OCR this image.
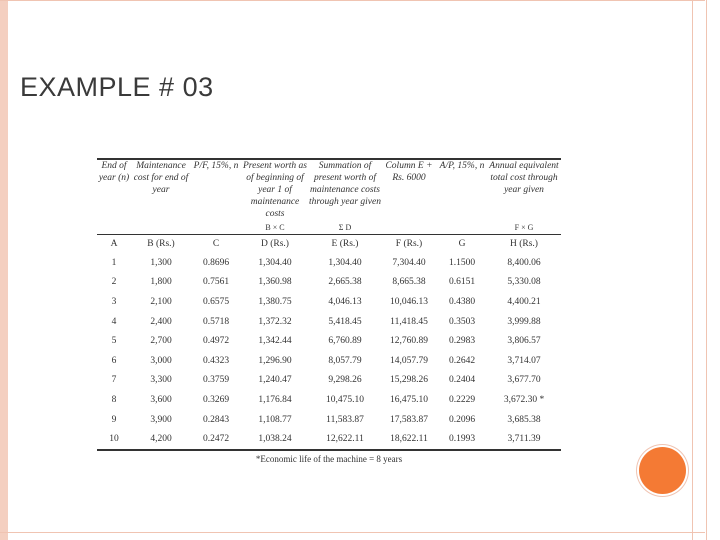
EXAMPLE # 03
End of year (n)	Maintenance cost for end of year	P/F, 15%, n	Present worth as of beginning of year 1 of maintenance costs	Summation of present worth of maintenance costs through year given	Column E + Rs. 6000	A/P, 15%, n	Annual equivalent total cost through year given
			B × C	Σ D			F × G

A	B (Rs.)	C	D (Rs.)	E (Rs.)	F (Rs.)	G	H (Rs.)
1	1,300	0.8696	1,304.40	1,304.40	7,304.40	1.1500	8,400.06
2	1,800	0.7561	1,360.98	2,665.38	8,665.38	0.6151	5,330.08
3	2,100	0.6575	1,380.75	4,046.13	10,046.13	0.4380	4,400.21
4	2,400	0.5718	1,372.32	5,418.45	11,418.45	0.3503	3,999.88
5	2,700	0.4972	1,342.44	6,760.89	12,760.89	0.2983	3,806.57
6	3,000	0.4323	1,296.90	8,057.79	14,057.79	0.2642	3,714.07
7	3,300	0.3759	1,240.47	9,298.26	15,298.26	0.2404	3,677.70
8	3,600	0.3269	1,176.84	10,475.10	16,475.10	0.2229	3,672.30 *
9	3,900	0.2843	1,108.77	11,583.87	17,583.87	0.2096	3,685.38
10	4,200	0.2472	1,038.24	12,622.11	18,622.11	0.1993	3,711.39
*Economic life of the machine = 8 years
